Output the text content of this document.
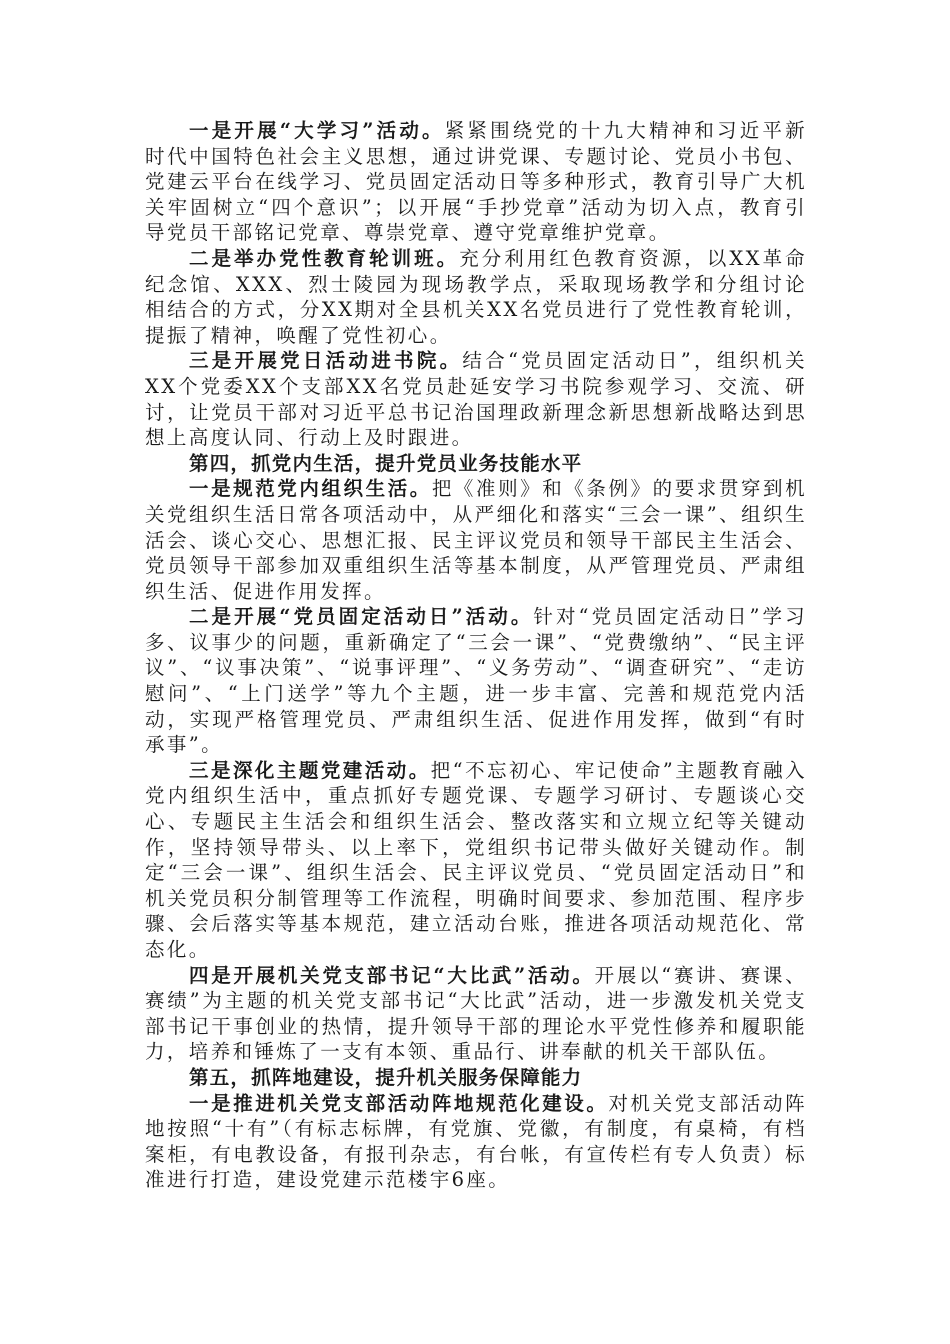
一是开展“大学习”活动。紧紧围绕党的十九大精神和习近平新时代中国特色社会主义思想，通过讲党课、专题讨论、党员小书包、党建云平台在线学习、党员固定活动日等多种形式，教育引导广大机关牢固树立“四个意识”；以开展“手抄党章”活动为切入点，教育引导党员干部铭记党章、尊崇党章、遵守党章维护党章。

二是举办党性教育轮训班。充分利用红色教育资源，以XX革命纪念馆、XXX、烈士陵园为现场教学点，采取现场教学和分组讨论相结合的方式，分XX期对全县机关XX名党员进行了党性教育轮训，提振了精神，唤醒了党性初心。

三是开展党日活动进书院。结合“党员固定活动日”，组织机关XX个党委XX个支部XX名党员赴延安学习书院参观学习、交流、研讨，让党员干部对习近平总书记治国理政新理念新思想新战略达到思想上高度认同、行动上及时跟进。

第四，抓党内生活，提升党员业务技能水平

一是规范党内组织生活。把《准则》和《条例》的要求贯穿到机关党组织生活日常各项活动中，从严细化和落实“三会一课”、组织生活会、谈心交心、思想汇报、民主评议党员和领导干部民主生活会、党员领导干部参加双重组织生活等基本制度，从严管理党员、严肃组织生活、促进作用发挥。

二是开展“党员固定活动日”活动。针对“党员固定活动日”学习多、议事少的问题，重新确定了“三会一课”、“党费缴纳”、“民主评议”、“议事决策”、“说事评理”、“义务劳动”、“调查研究”、“走访慰问”、“上门送学”等九个主题，进一步丰富、完善和规范党内活动，实现严格管理党员、严肃组织生活、促进作用发挥，做到“有时承事”。

三是深化主题党建活动。把“不忘初心、牢记使命”主题教育融入党内组织生活中，重点抓好专题党课、专题学习研讨、专题谈心交心、专题民主生活会和组织生活会、整改落实和立规立纪等关键动作，坚持领导带头、以上率下，党组织书记带头做好关键动作。制定“三会一课”、组织生活会、民主评议党员、“党员固定活动日”和机关党员积分制管理等工作流程，明确时间要求、参加范围、程序步骤、会后落实等基本规范，建立活动台账，推进各项活动规范化、常态化。

四是开展机关党支部书记“大比武”活动。开展以“赛讲、赛课、赛绩”为主题的机关党支部书记“大比武”活动，进一步激发机关党支部书记干事创业的热情，提升领导干部的理论水平党性修养和履职能力，培养和锤炼了一支有本领、重品行、讲奉献的机关干部队伍。

第五，抓阵地建设，提升机关服务保障能力

一是推进机关党支部活动阵地规范化建设。对机关党支部活动阵地按照“十有”（有标志标牌，有党旗、党徽，有制度，有桌椅，有档案柜，有电教设备，有报刊杂志，有台帐，有宣传栏有专人负责）标准进行打造，建设党建示范楼宇6座。
